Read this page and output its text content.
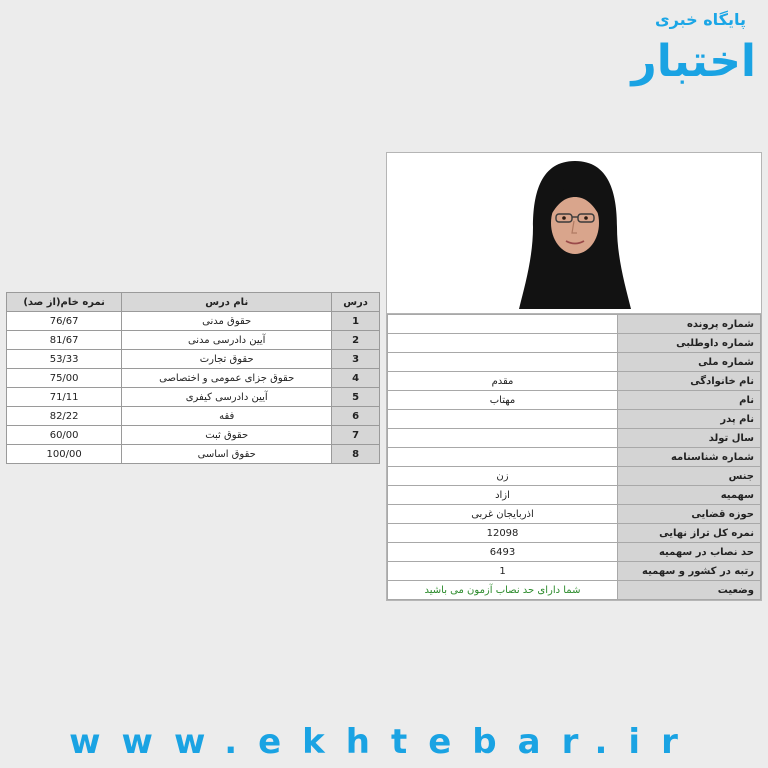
پایگاه خبری
اختبار
درس	نام درس	نمره خام(از صد)
1	حقوق مدنی	76/67
2	آیین دادرسی مدنی	81/67
3	حقوق تجارت	53/33
4	حقوق جزای عمومی و اختصاصی	75/00
5	آیین دادرسی کیفری	71/11
6	فقه	82/22
7	حقوق ثبت	60/00
8	حقوق اساسی	100/00
شماره پرونده	
شماره داوطلبی	
شماره ملی	
نام خانوادگی	مقدم
نام	مهتاب
نام پدر	
سال تولد	
شماره شناسنامه	
جنس	زن
سهمیه	ازاد
حوزه قضایی	اذربایجان غربی
نمره کل تراز نهایی	12098
حد نصاب در سهمیه	6493
رتبه در کشور و سهمیه	1
وضعیت	شما دارای حد نصاب آزمون می باشید
www.ekhtebar.ir
